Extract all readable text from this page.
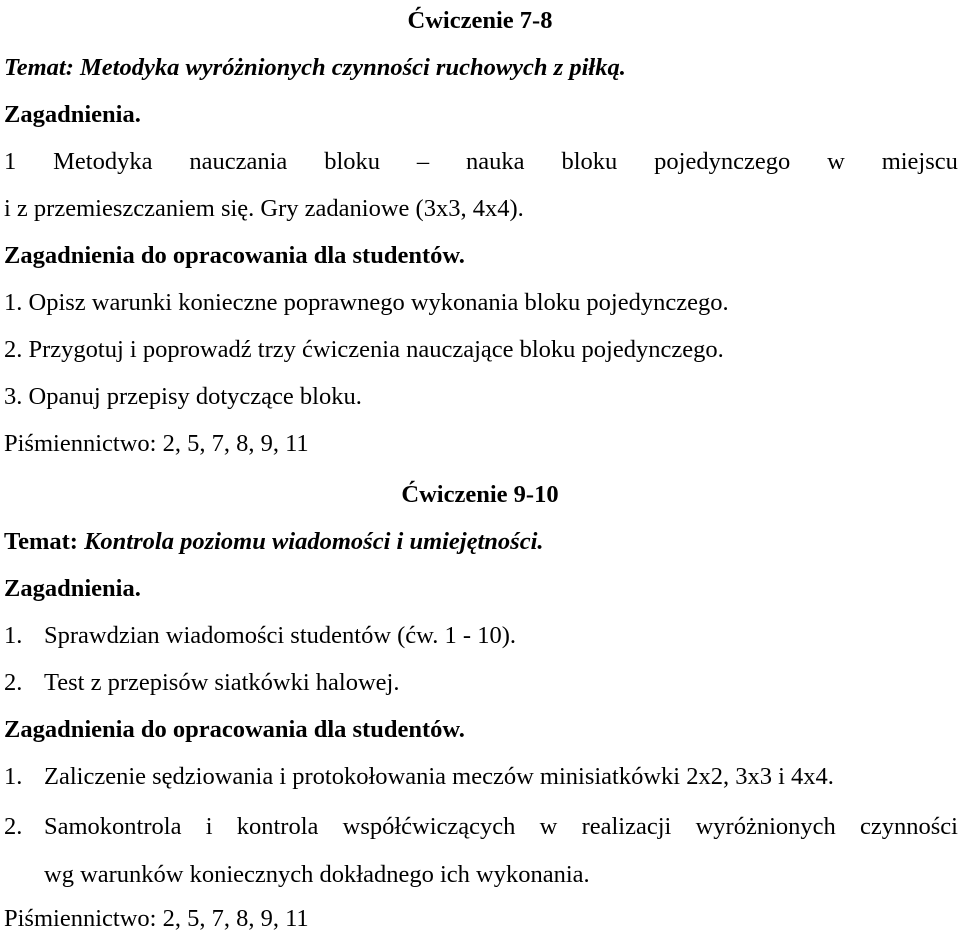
Ćwiczenie 7-8
Temat: Metodyka wyróżnionych czynności ruchowych z piłką.
Zagadnienia.
1 Metodyka nauczania bloku – nauka bloku pojedynczego w miejscu
i z przemieszczaniem się. Gry zadaniowe (3x3, 4x4).
Zagadnienia do opracowania dla studentów.
1. Opisz warunki konieczne poprawnego wykonania bloku pojedynczego.
2. Przygotuj i poprowadź trzy ćwiczenia nauczające bloku pojedynczego.
3. Opanuj przepisy dotyczące bloku.
Piśmiennictwo: 2, 5, 7, 8, 9, 11
Ćwiczenie 9-10
Temat: Kontrola poziomu wiadomości i umiejętności.
Zagadnienia.
1. Sprawdzian wiadomości studentów (ćw. 1 - 10).
2. Test z przepisów siatkówki halowej.
Zagadnienia do opracowania dla studentów.
1. Zaliczenie sędziowania i protokołowania meczów minisiatkówki 2x2, 3x3 i 4x4.
2. Samokontrola i kontrola współćwiczących w realizacji wyróżnionych czynności
wg warunków koniecznych dokładnego ich wykonania.
Piśmiennictwo: 2, 5, 7, 8, 9, 11
